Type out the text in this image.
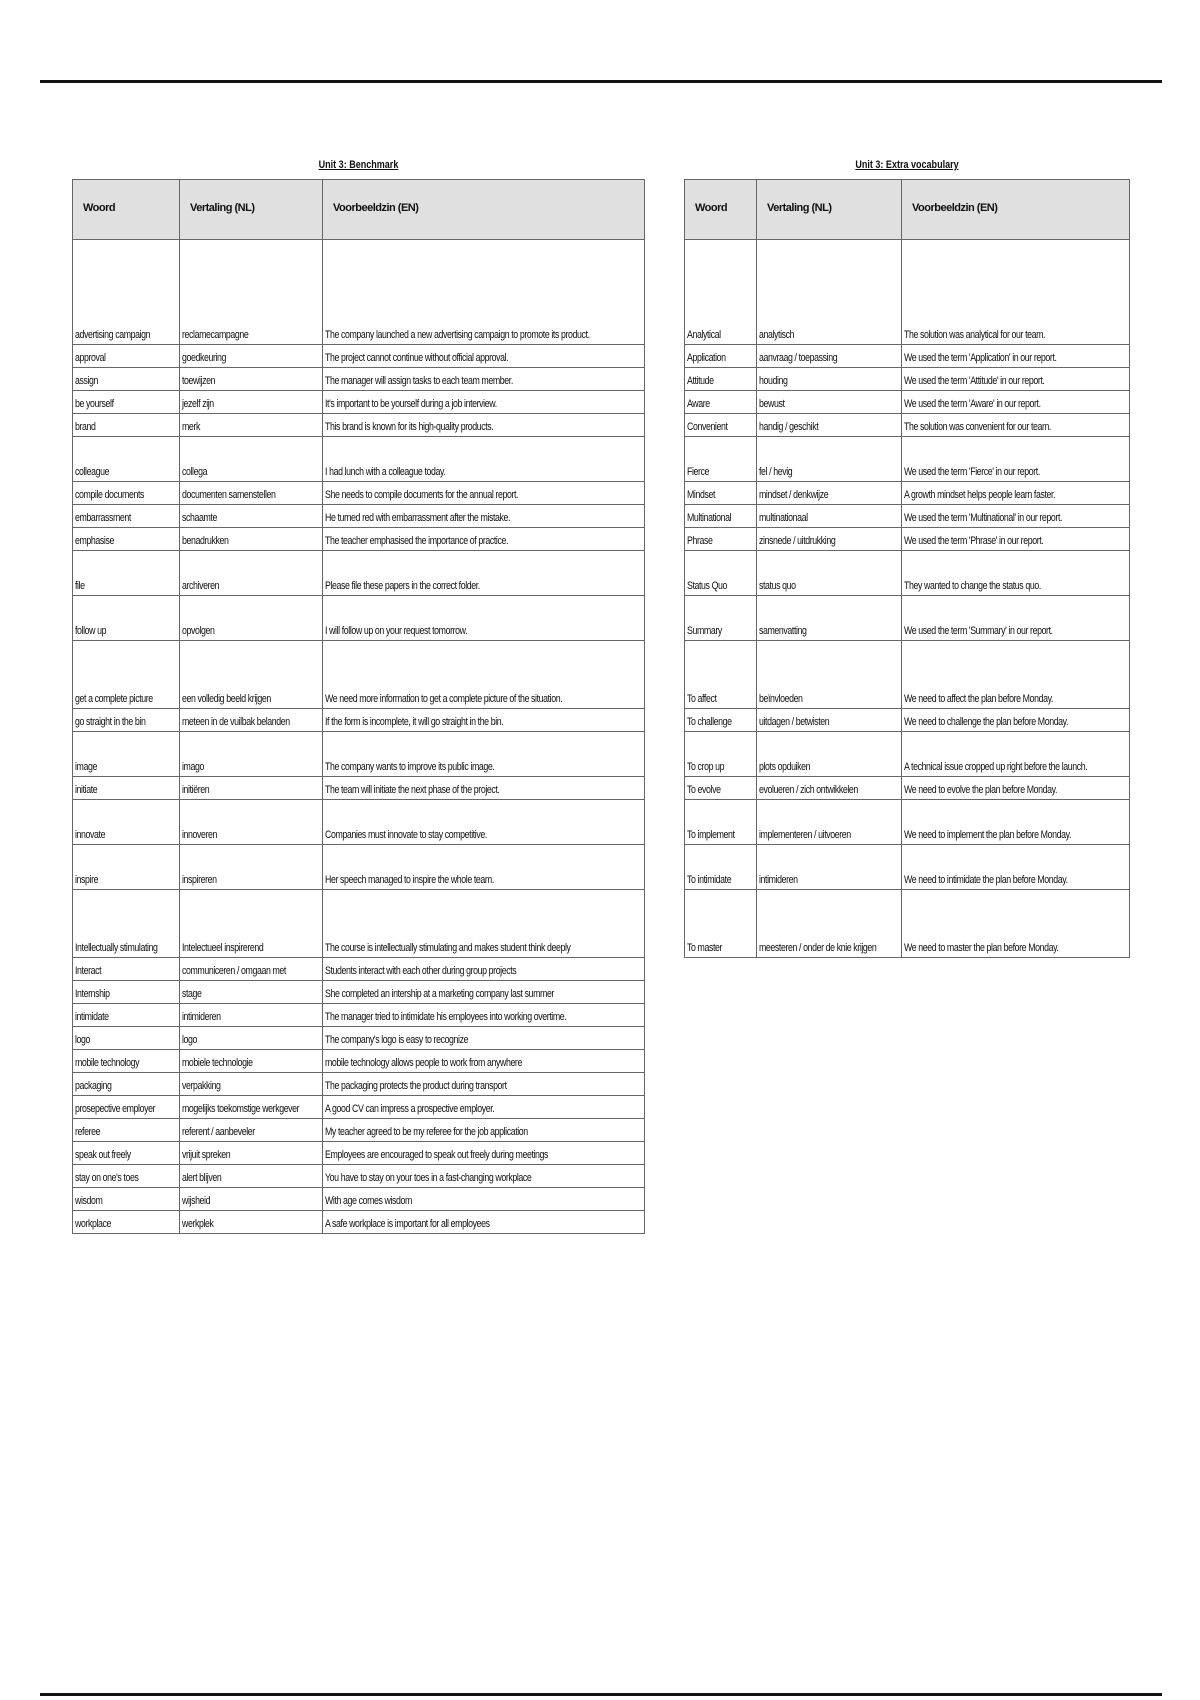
Unit 3: Benchmark
Woord	Vertaling (NL)	Voorbeeldzin (EN)
advertising campaign	reclamecampagne	The company launched a new advertising campaign to promote its product.
approval	goedkeuring	The project cannot continue without official approval.
assign	toewijzen	The manager will assign tasks to each team member.
be yourself	jezelf zijn	It's important to be yourself during a job interview.
brand	merk	This brand is known for its high-quality products.
colleague	collega	I had lunch with a colleague today.
compile documents	documenten samenstellen	She needs to compile documents for the annual report.
embarrassment	schaamte	He turned red with embarrassment after the mistake.
emphasise	benadrukken	The teacher emphasised the importance of practice.
file	archiveren	Please file these papers in the correct folder.
follow up	opvolgen	I will follow up on your request tomorrow.
get a complete picture	een volledig beeld krijgen	We need more information to get a complete picture of the situation.
go straight in the bin	meteen in de vuilbak belanden	If the form is incomplete, it will go straight in the bin.
image	imago	The company wants to improve its public image.
initiate	initiëren	The team will initiate the next phase of the project.
innovate	innoveren	Companies must innovate to stay competitive.
inspire	inspireren	Her speech managed to inspire the whole team.
Intellectually stimulating	Intelectueel inspirerend	The course is intellectually stimulating and makes student think deeply
Interact	communiceren / omgaan met	Students interact with each other during group projects
Internship	stage	She completed an intership at a marketing company last summer
intimidate	intimideren	The manager tried to intimidate his employees into working overtime.
logo	logo	The company's logo is easy to recognize
mobile technology	mobiele technologie	mobile technology allows people to work from anywhere
packaging	verpakking	The packaging protects the product during transport
prosepective employer	mogelijks toekomstige werkgever	A good CV can impress a prospective employer.
referee	referent / aanbeveler	My teacher agreed to be my referee for the job application
speak out freely	vrijuit spreken	Employees are encouraged to speak out freely during meetings
stay on one's toes	alert blijven	You have to stay on your toes in a fast-changing workplace
wisdom	wijsheid	With age comes wisdom
workplace	werkplek	A safe workplace is important for all employees
Unit 3: Extra vocabulary
Woord	Vertaling (NL)	Voorbeeldzin (EN)
Analytical	analytisch	The solution was analytical for our team.
Application	aanvraag / toepassing	We used the term 'Application' in our report.
Attitude	houding	We used the term 'Attitude' in our report.
Aware	bewust	We used the term 'Aware' in our report.
Convenient	handig / geschikt	The solution was convenient for our team.
Fierce	fel / hevig	We used the term 'Fierce' in our report.
Mindset	mindset / denkwijze	A growth mindset helps people learn faster.
Multinational	multinationaal	We used the term 'Multinational' in our report.
Phrase	zinsnede / uitdrukking	We used the term 'Phrase' in our report.
Status Quo	status quo	They wanted to change the status quo.
Summary	samenvatting	We used the term 'Summary' in our report.
To affect	beïnvloeden	We need to affect the plan before Monday.
To challenge	uitdagen / betwisten	We need to challenge the plan before Monday.
To crop up	plots opduiken	A technical issue cropped up right before the launch.
To evolve	evolueren / zich ontwikkelen	We need to evolve the plan before Monday.
To implement	implementeren / uitvoeren	We need to implement the plan before Monday.
To intimidate	intimideren	We need to intimidate the plan before Monday.
To master	meesteren / onder de knie krijgen	We need to master the plan before Monday.
